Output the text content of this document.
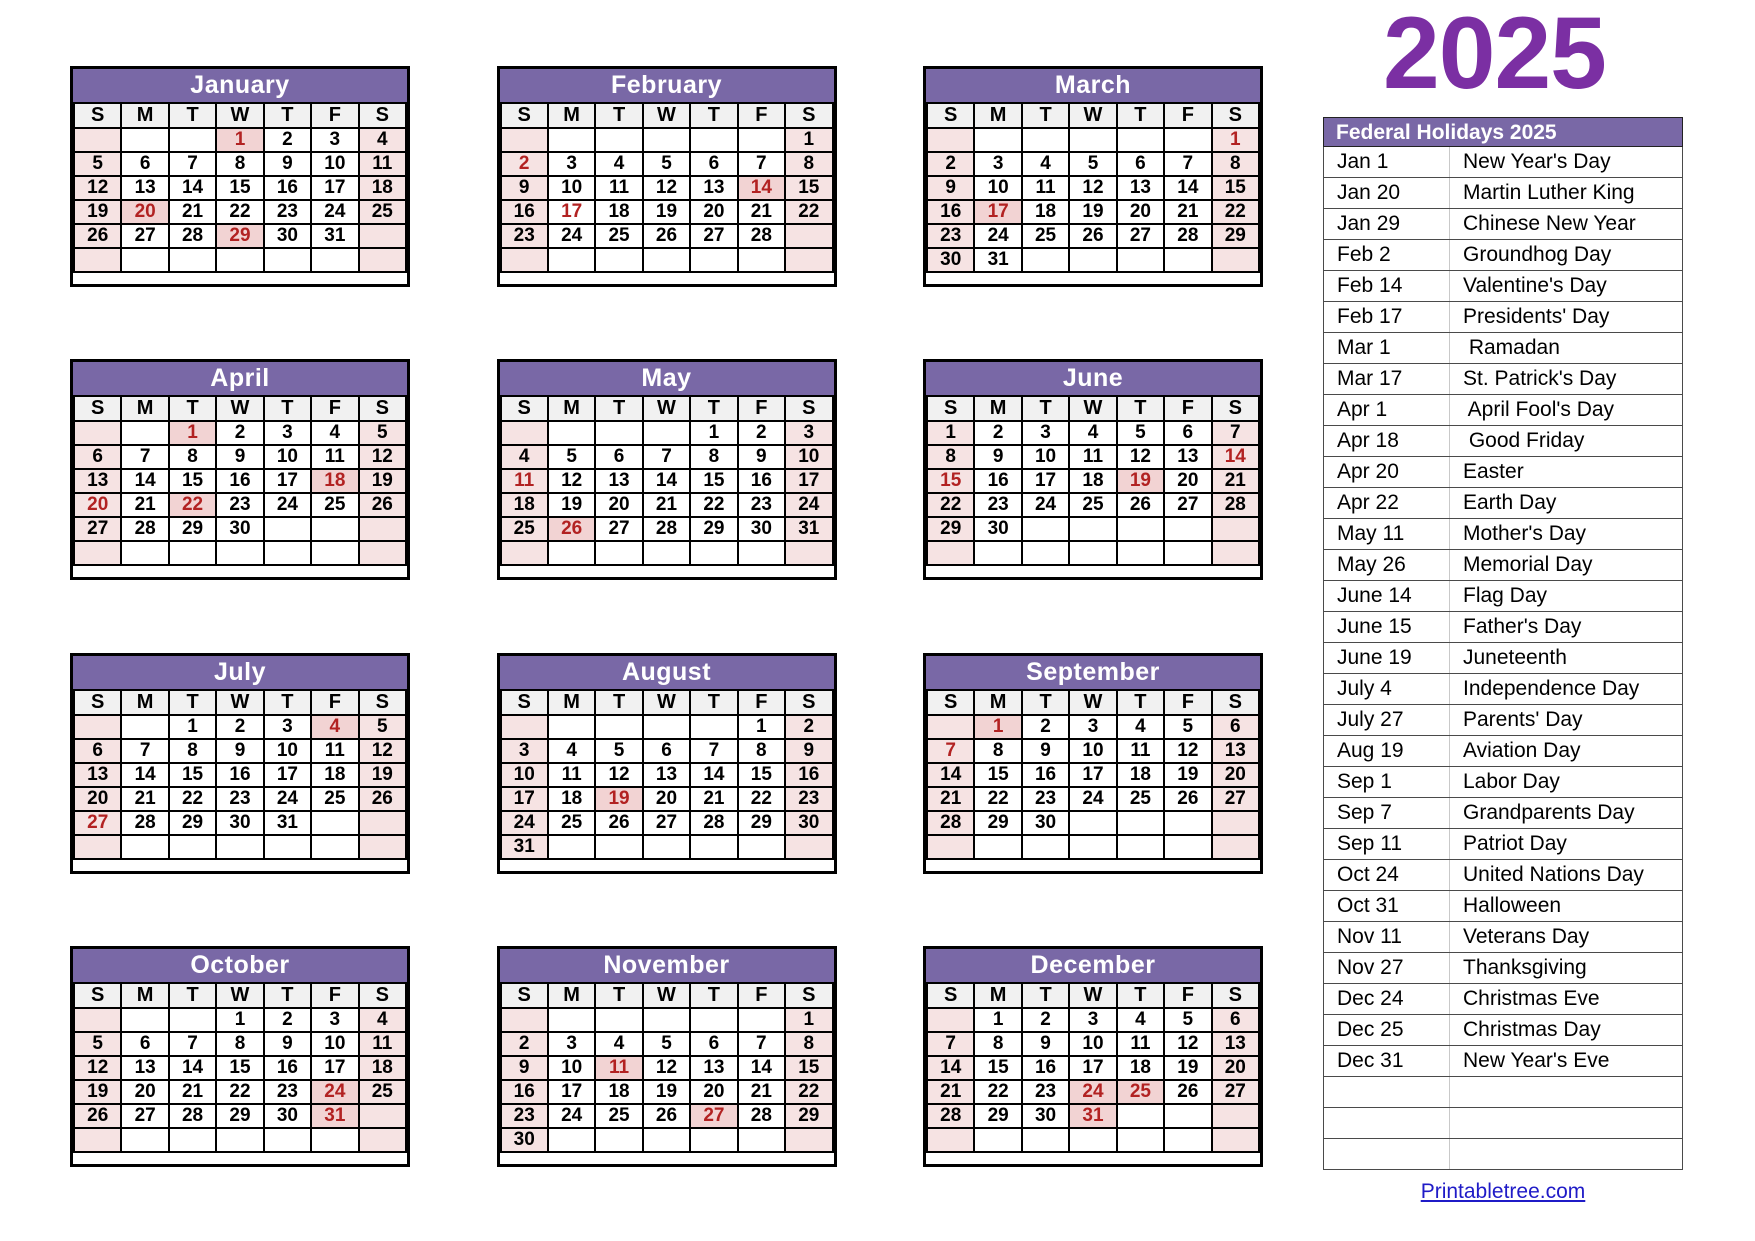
2025
January
S	M	T	W	T	F	S
			1	2	3	4
5	6	7	8	9	10	11
12	13	14	15	16	17	18
19	20	21	22	23	24	25
26	27	28	29	30	31	

February
S	M	T	W	T	F	S
						1
2	3	4	5	6	7	8
9	10	11	12	13	14	15
16	17	18	19	20	21	22
23	24	25	26	27	28	

March
S	M	T	W	T	F	S
						1
2	3	4	5	6	7	8
9	10	11	12	13	14	15
16	17	18	19	20	21	22
23	24	25	26	27	28	29
30	31					
April
S	M	T	W	T	F	S
		1	2	3	4	5
6	7	8	9	10	11	12
13	14	15	16	17	18	19
20	21	22	23	24	25	26
27	28	29	30			

May
S	M	T	W	T	F	S
				1	2	3
4	5	6	7	8	9	10
11	12	13	14	15	16	17
18	19	20	21	22	23	24
25	26	27	28	29	30	31

June
S	M	T	W	T	F	S
1	2	3	4	5	6	7
8	9	10	11	12	13	14
15	16	17	18	19	20	21
22	23	24	25	26	27	28
29	30					

July
S	M	T	W	T	F	S
		1	2	3	4	5
6	7	8	9	10	11	12
13	14	15	16	17	18	19
20	21	22	23	24	25	26
27	28	29	30	31		

August
S	M	T	W	T	F	S
					1	2
3	4	5	6	7	8	9
10	11	12	13	14	15	16
17	18	19	20	21	22	23
24	25	26	27	28	29	30
31						
September
S	M	T	W	T	F	S
	1	2	3	4	5	6
7	8	9	10	11	12	13
14	15	16	17	18	19	20
21	22	23	24	25	26	27
28	29	30				

October
S	M	T	W	T	F	S
			1	2	3	4
5	6	7	8	9	10	11
12	13	14	15	16	17	18
19	20	21	22	23	24	25
26	27	28	29	30	31	

November
S	M	T	W	T	F	S
						1
2	3	4	5	6	7	8
9	10	11	12	13	14	15
16	17	18	19	20	21	22
23	24	25	26	27	28	29
30						
December
S	M	T	W	T	F	S
	1	2	3	4	5	6
7	8	9	10	11	12	13
14	15	16	17	18	19	20
21	22	23	24	25	26	27
28	29	30	31			

Federal Holidays 2025
Jan 1	New Year's Day
Jan 20	Martin Luther King
Jan 29	Chinese New Year
Feb 2	Groundhog Day
Feb 14	Valentine's Day
Feb 17	Presidents' Day
Mar 1	Ramadan
Mar 17	St. Patrick's Day
Apr 1	April Fool's Day
Apr 18	Good Friday
Apr 20	Easter
Apr 22	Earth Day
May 11	Mother's Day
May 26	Memorial Day
June 14	Flag Day
June 15	Father's Day
June 19	Juneteenth
July 4	Independence Day
July 27	Parents' Day
Aug 19	Aviation Day
Sep 1	Labor Day
Sep 7	Grandparents Day
Sep 11	Patriot Day
Oct 24	United Nations Day
Oct 31	Halloween
Nov 11	Veterans Day
Nov 27	Thanksgiving
Dec 24	Christmas Eve
Dec 25	Christmas Day
Dec 31	New Year's Eve

Printabletree.com
